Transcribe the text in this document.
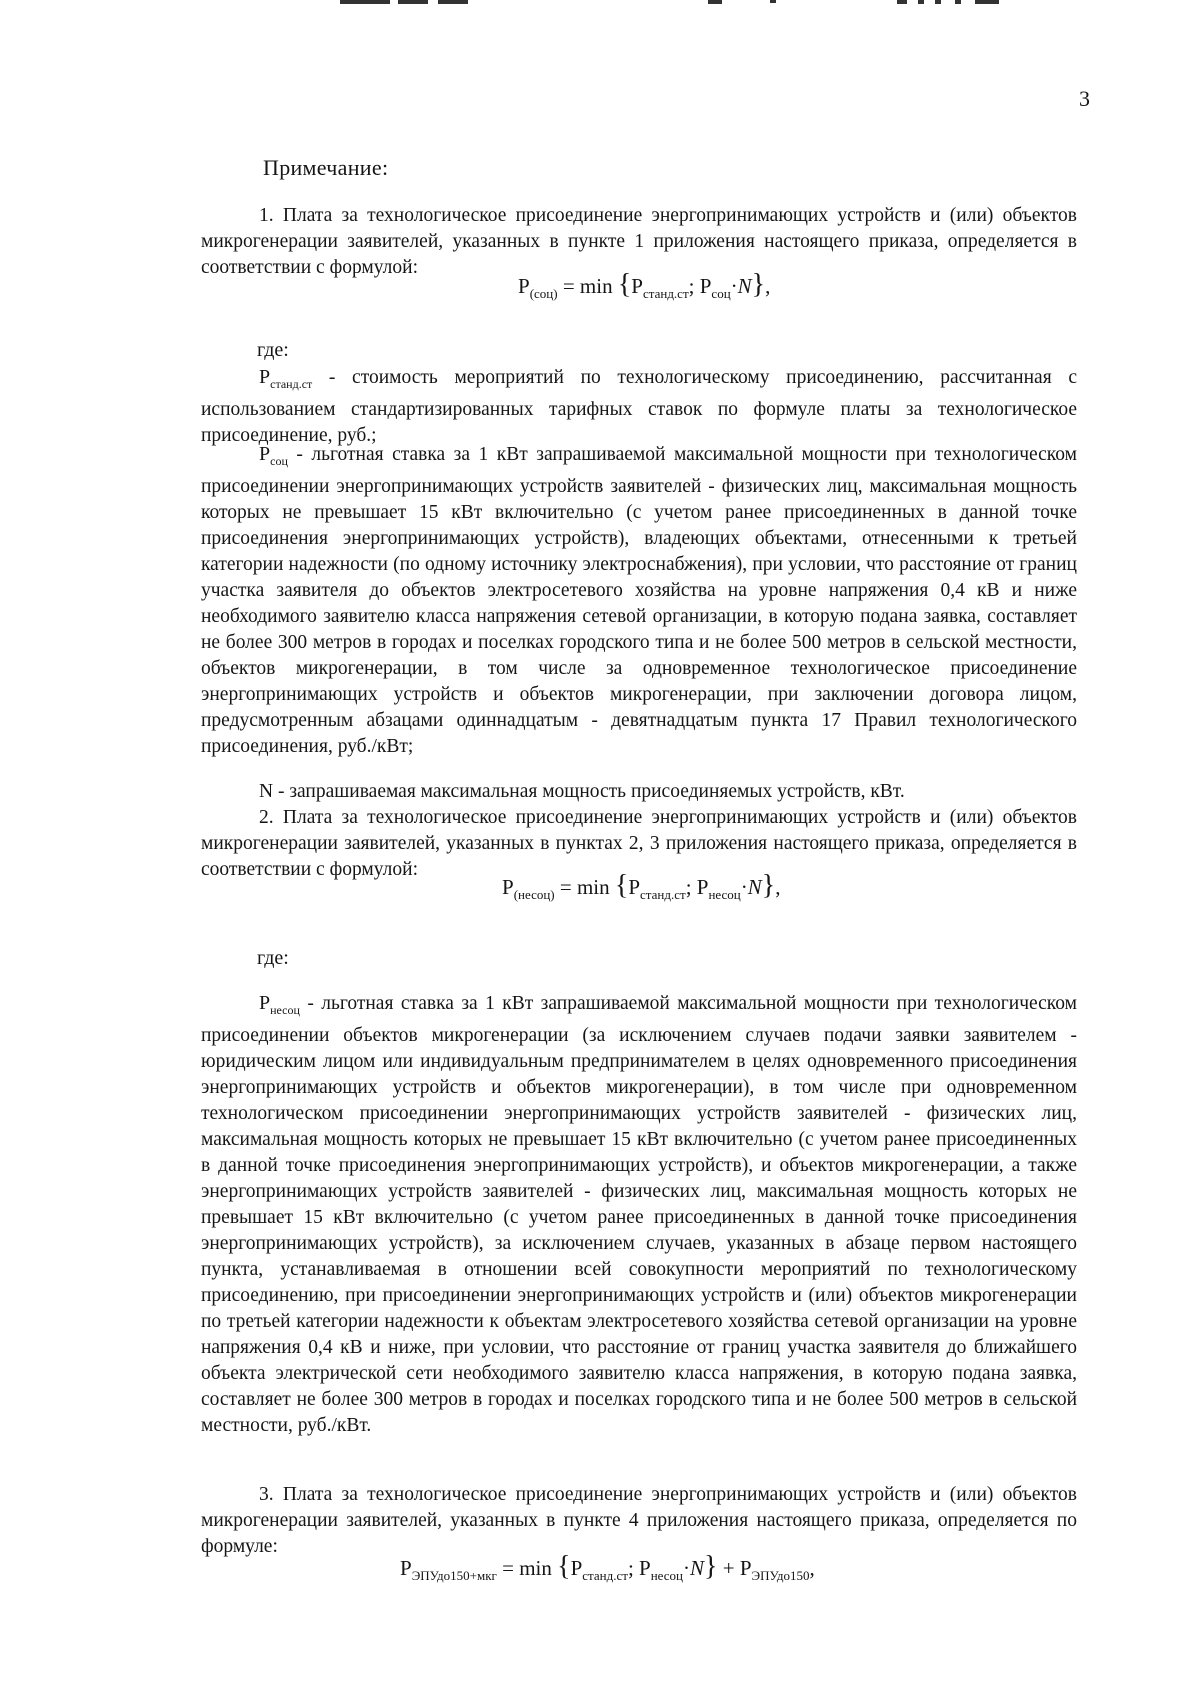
3
Примечание:

1. Плата за технологическое присоединение энергопринимающих устройств и (или) объектов микрогенерации заявителей, указанных в пункте 1 приложения настоящего приказа, определяется в соответствии с формулой:

$P_{(соц)} = \min \{P_{станд.ст}$; $P_{соц}\cdot N$},
где:

$P_{станд.ст}$ - стоимость мероприятий по технологическому присоединению, рассчитанная с использованием стандартизированных тарифных ставок по формуле платы за технологическое присоединение, руб.;

$P_{соц}$ - льготная ставка за 1 кВт запрашиваемой максимальной мощности при технологическом присоединении энергопринимающих устройств заявителей - физических лиц, максимальная мощность которых не превышает 15 кВт включительно (с учетом ранее присоединенных в данной точке присоединения энергопринимающих устройств), владеющих объектами, отнесенными к третьей категории надежности (по одному источнику электроснабжения), при условии, что расстояние от границ участка заявителя до объектов электросетевого хозяйства на уровне напряжения 0,4 кВ и ниже необходимого заявителю класса напряжения сетевой организации, в которую подана заявка, составляет не более 300 метров в городах и поселках городского типа и не более 500 метров в сельской местности, объектов микрогенерации, в том числе за одновременное технологическое присоединение энергопринимающих устройств и объектов микрогенерации, при заключении договора лицом, предусмотренным абзацами одиннадцатым - девятнадцатым пункта 17 Правил технологического присоединения, руб./кВт;

N - запрашиваемая максимальная мощность присоединяемых устройств, кВт.

2. Плата за технологическое присоединение энергопринимающих устройств и (или) объектов микрогенерации заявителей, указанных в пунктах 2, 3 приложения настоящего приказа, определяется в соответствии с формулой:

$P_{(несоц)} = \min \{P_{станд.ст}$; $P_{несоц}\cdot N$},
где:

$P_{несоц}$ - льготная ставка за 1 кВт запрашиваемой максимальной мощности при технологическом присоединении объектов микрогенерации (за исключением случаев подачи заявки заявителем - юридическим лицом или индивидуальным предпринимателем в целях одновременного присоединения энергопринимающих устройств и объектов микрогенерации), в том числе при одновременном технологическом присоединении энергопринимающих устройств заявителей - физических лиц, максимальная мощность которых не превышает 15 кВт включительно (с учетом ранее присоединенных в данной точке присоединения энергопринимающих устройств), и объектов микрогенерации, а также энергопринимающих устройств заявителей - физических лиц, максимальная мощность которых не превышает 15 кВт включительно (с учетом ранее присоединенных в данной точке присоединения энергопринимающих устройств), за исключением случаев, указанных в абзаце первом настоящего пункта, устанавливаемая в отношении всей совокупности мероприятий по технологическому присоединению, при присоединении энергопринимающих устройств и (или) объектов микрогенерации по третьей категории надежности к объектам электросетевого хозяйства сетевой организации на уровне напряжения 0,4 кВ и ниже, при условии, что расстояние от границ участка заявителя до ближайшего объекта электрической сети необходимого заявителю класса напряжения, в которую подана заявка, составляет не более 300 метров в городах и поселках городского типа и не более 500 метров в сельской местности, руб./кВт.

3. Плата за технологическое присоединение энергопринимающих устройств и (или) объектов микрогенерации заявителей, указанных в пункте 4 приложения настоящего приказа, определяется по формуле:

$P_{ЭПУдо150+мкг} = \min \{P_{станд.ст}$; $P_{несоц}\cdot N\} + P_{ЭПУдо150}$,
